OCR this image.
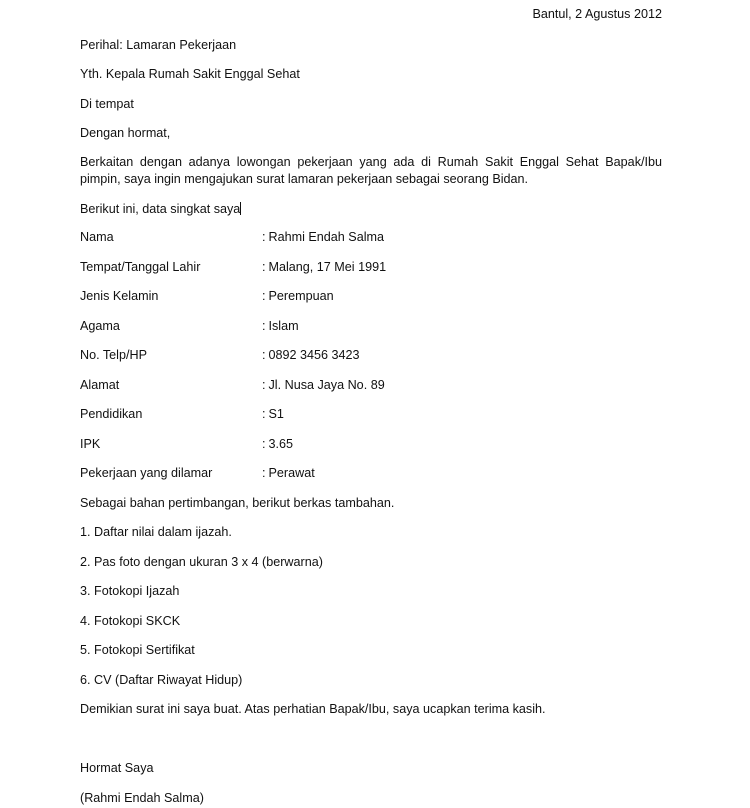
Bantul, 2 Agustus 2012
Perihal: Lamaran Pekerjaan
Yth. Kepala Rumah Sakit Enggal Sehat
Di tempat
Dengan hormat,
Berkaitan dengan adanya lowongan pekerjaan yang ada di Rumah Sakit Enggal Sehat Bapak/Ibu pimpin, saya ingin mengajukan surat lamaran pekerjaan sebagai seorang Bidan.
Berikut ini, data singkat saya
Nama	: Rahmi Endah Salma
Tempat/Tanggal Lahir	: Malang, 17 Mei 1991
Jenis Kelamin	: Perempuan
Agama	: Islam
No. Telp/HP	: 0892 3456 3423
Alamat	: Jl. Nusa Jaya No. 89
Pendidikan	: S1
IPK	: 3.65
Pekerjaan yang dilamar	: Perawat
Sebagai bahan pertimbangan, berikut berkas tambahan.
1. Daftar nilai dalam ijazah.
2. Pas foto dengan ukuran 3 x 4 (berwarna)
3. Fotokopi Ijazah
4. Fotokopi SKCK
5. Fotokopi Sertifikat
6. CV (Daftar Riwayat Hidup)
Demikian surat ini saya buat. Atas perhatian Bapak/Ibu, saya ucapkan terima kasih.
Hormat Saya
(Rahmi Endah Salma)
